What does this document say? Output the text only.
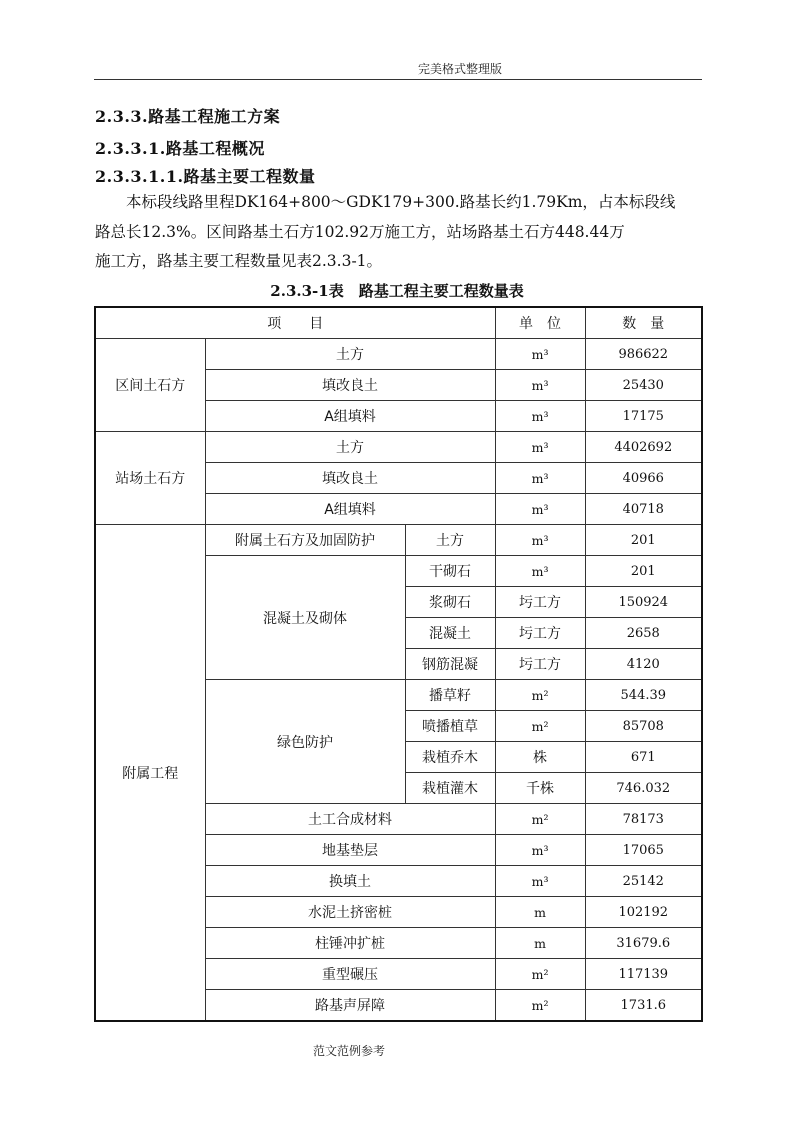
完美格式整理版
2.3.3.路基工程施工方案
2.3.3.1.路基工程概况
2.3.3.1.1.路基主要工程数量
　　本标段线路里程DK164+800～GDK179+300.路基长约1.79Km，占本标段线
路总长12.3%。区间路基土石方102.92万施工方，站场路基土石方448.44万
施工方，路基主要工程数量见表2.3.3-1。
2.3.3-1表　路基工程主要工程数量表
项　　目			单　位	数　量
区间土石方	土方		m³	986622
	填改良土		m³	25430
	A组填料		m³	17175
站场土石方	土方		m³	4402692
	填改良土		m³	40966
	A组填料		m³	40718
附属工程	附属土石方及加固防护	土方	m³	201
	混凝土及砌体	干砌石	m³	201
		浆砌石	圬工方	150924
		混凝土	圬工方	2658
		钢筋混凝	圬工方	4120
	绿色防护	播草籽	m²	544.39
		喷播植草	m²	85708
		栽植乔木	株	671
		栽植灌木	千株	746.032
	土工合成材料		m²	78173
	地基垫层		m³	17065
	换填土		m³	25142
	水泥土挤密桩		m	102192
	柱锤冲扩桩		m	31679.6
	重型碾压		m²	117139
	路基声屏障		m²	1731.6
范文范例参考
